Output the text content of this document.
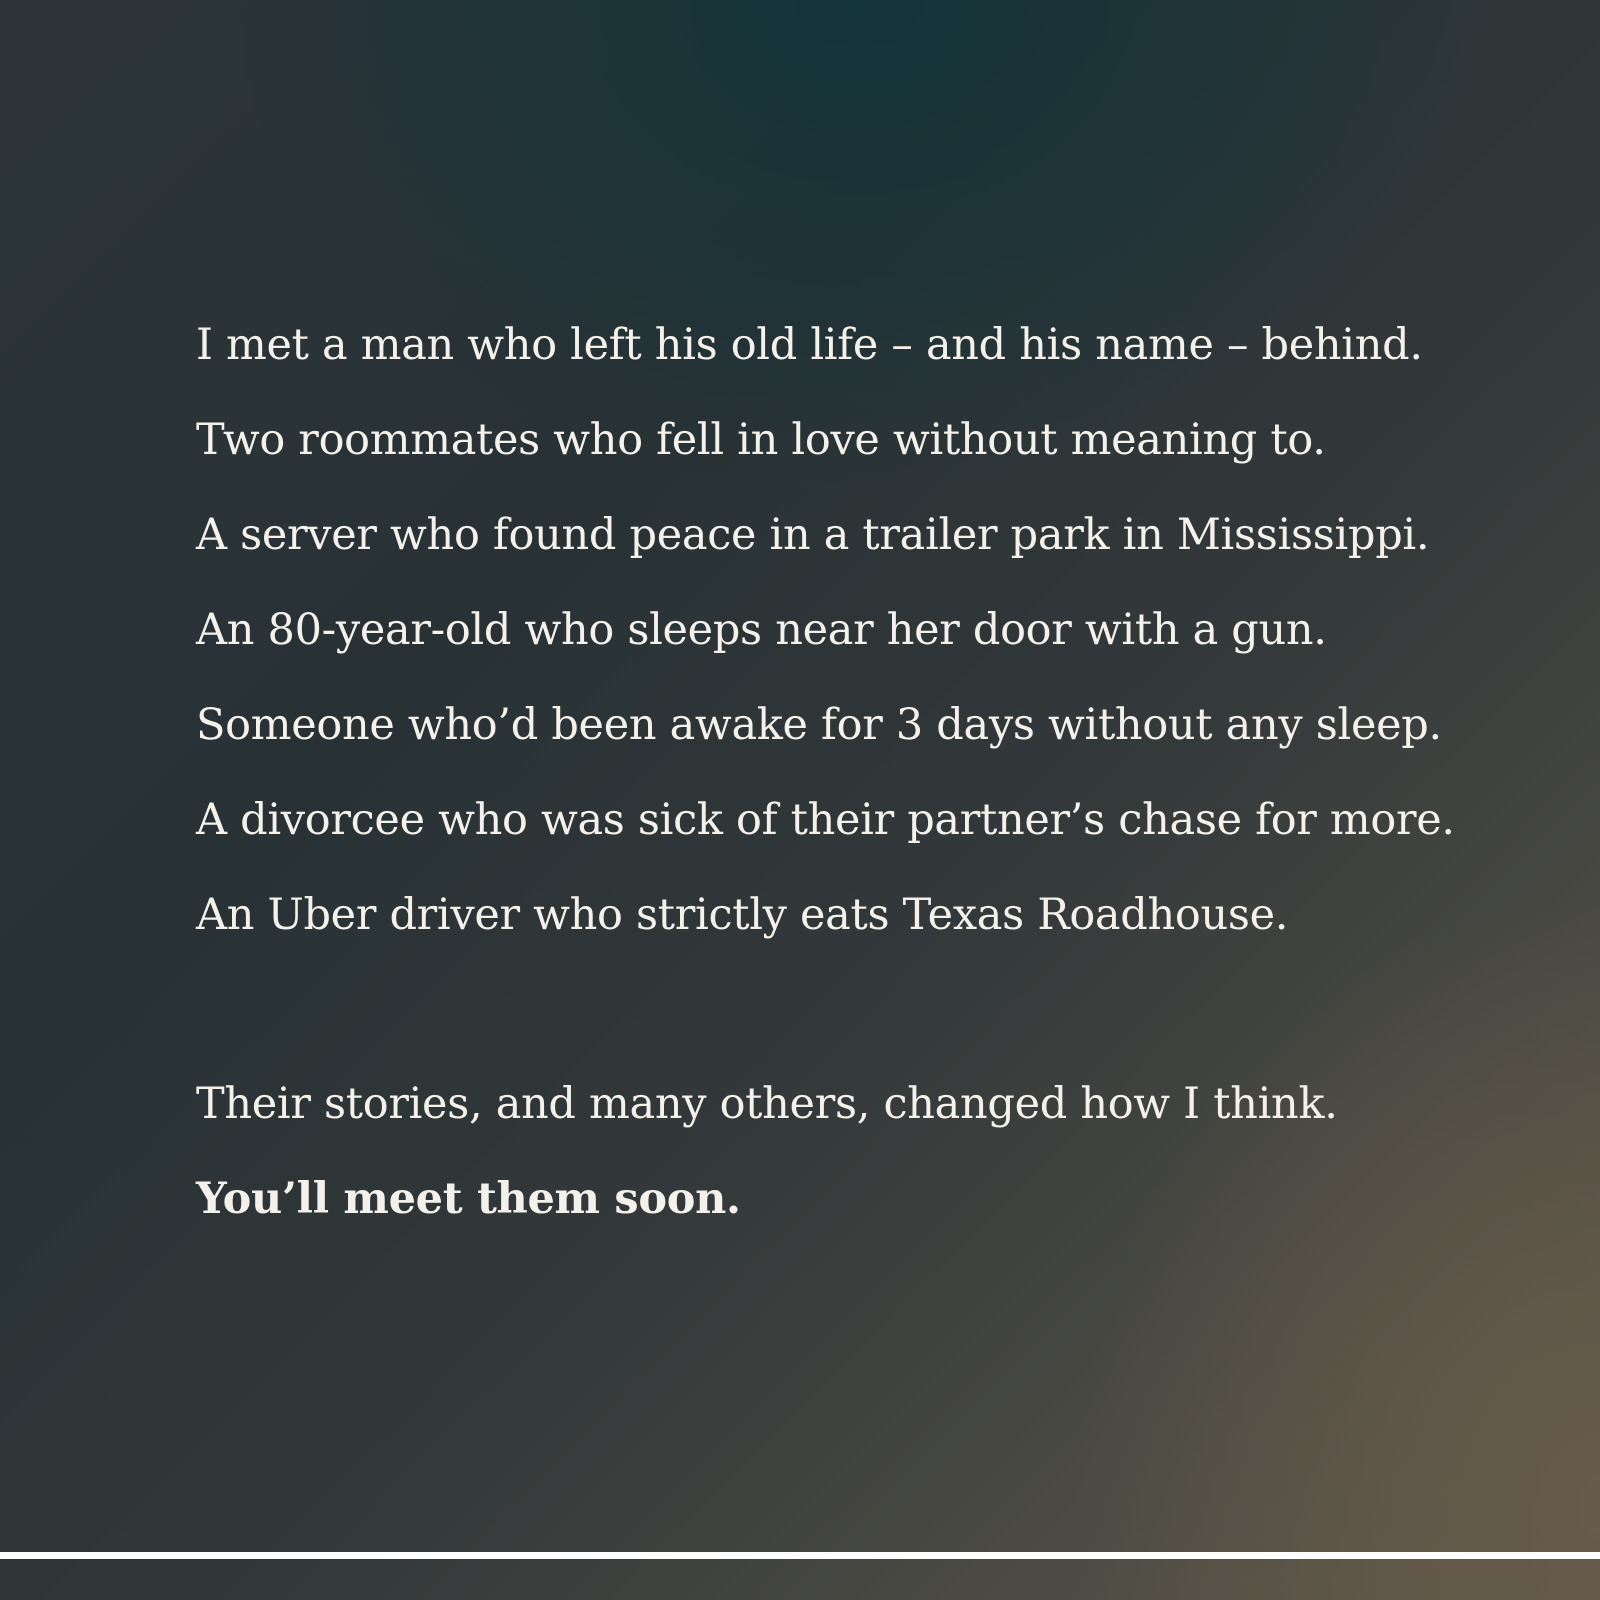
I met a man who left his old life – and his name – behind.
Two roommates who fell in love without meaning to.
A server who found peace in a trailer park in Mississippi.
An 80-year-old who sleeps near her door with a gun.
Someone who’d been awake for 3 days without any sleep.
A divorcee who was sick of their partner’s chase for more.
An Uber driver who strictly eats Texas Roadhouse.
Their stories, and many others, changed how I think.
You’ll meet them soon.
